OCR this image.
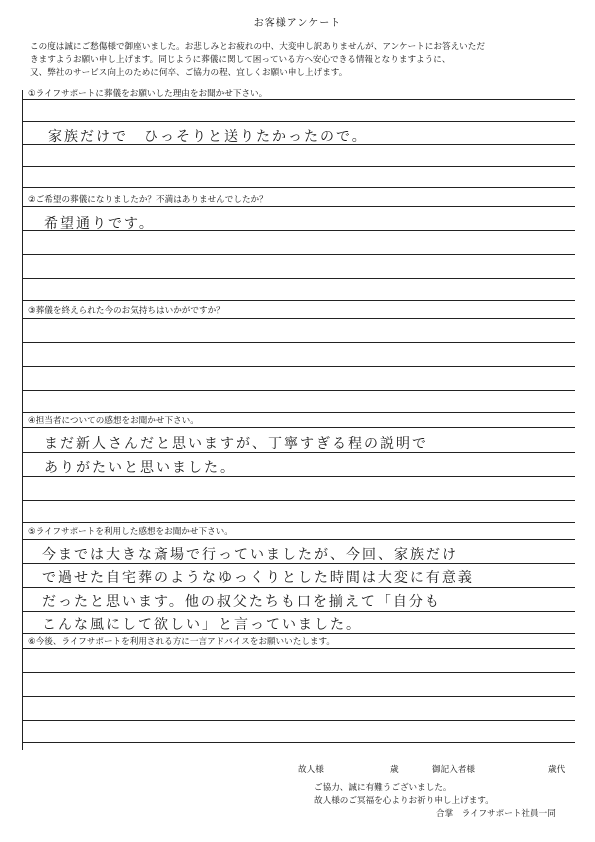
お客様アンケート
この度は誠にご愁傷様で御座いました。お悲しみとお疲れの中、大変申し訳ありませんが、アンケートにお答えいただ
きますようお願い申し上げます。同じように葬儀に関して困っている方へ安心できる情報となりますように、
又、弊社のサービス向上のために何卒、ご協力の程、宜しくお願い申し上げます。
①ライフサポートに葬儀をお願いした理由をお聞かせ下さい。
家族だけで　ひっそりと送りたかったので。
②ご希望の葬儀になりましたか？不満はありませんでしたか？
希望通りです。
③葬儀を終えられた今のお気持ちはいかがですか？
④担当者についての感想をお聞かせ下さい。
まだ新人さんだと思いますが、丁寧すぎる程の説明で
ありがたいと思いました。
⑤ライフサポートを利用した感想をお聞かせ下さい。
今までは大きな斎場で行っていましたが、今回、家族だけ
で過せた自宅葬のようなゆっくりとした時間は大変に有意義
だったと思います。他の叔父たちも口を揃えて「自分も
こんな風にして欲しい」と言っていました。
⑥今後、ライフサポートを利用される方に一言アドバイスをお願いいたします。
故人様	歳	御記入者様	歳代
ご協力、誠に有難うございました。
故人様のご冥福を心よりお祈り申し上げます。
合掌　ライフサポート社員一同
